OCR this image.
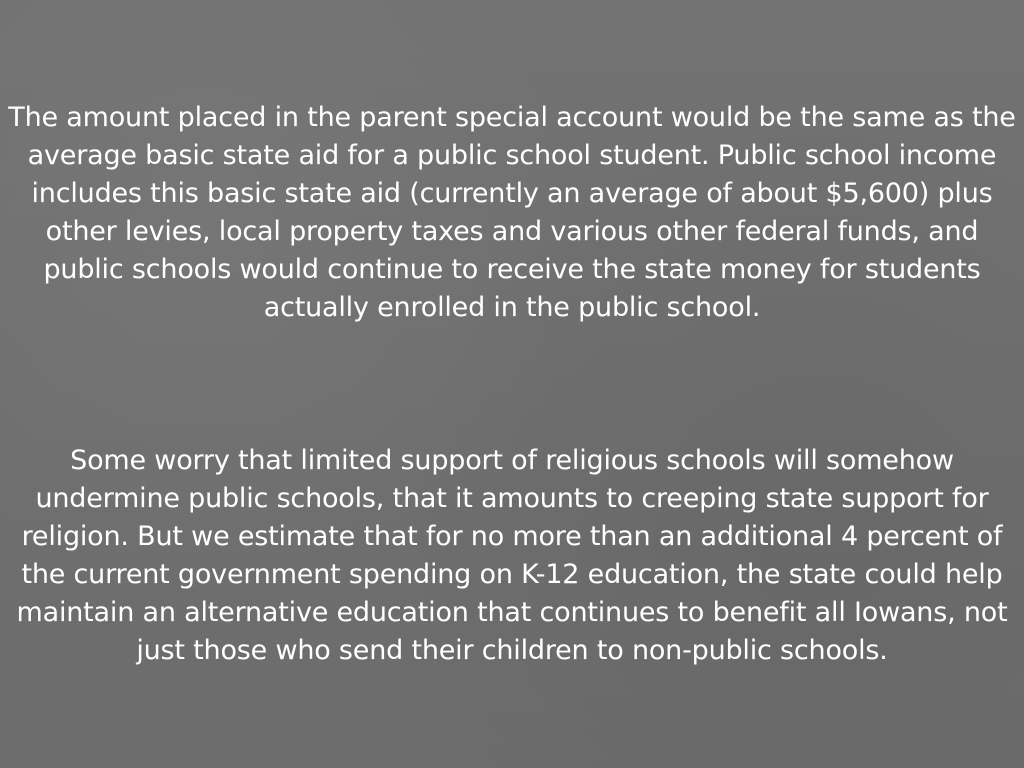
The amount placed in the parent special account would be the same as the average basic state aid for a public school student. Public school income includes this basic state aid (currently an average of about $5,600) plus other levies, local property taxes and various other federal funds, and public schools would continue to receive the state money for students actually enrolled in the public school.

Some worry that limited support of religious schools will somehow undermine public schools, that it amounts to creeping state support for religion. But we estimate that for no more than an additional 4 percent of the current government spending on K-12 education, the state could help maintain an alternative education that continues to benefit all Iowans, not just those who send their children to non-public schools.
